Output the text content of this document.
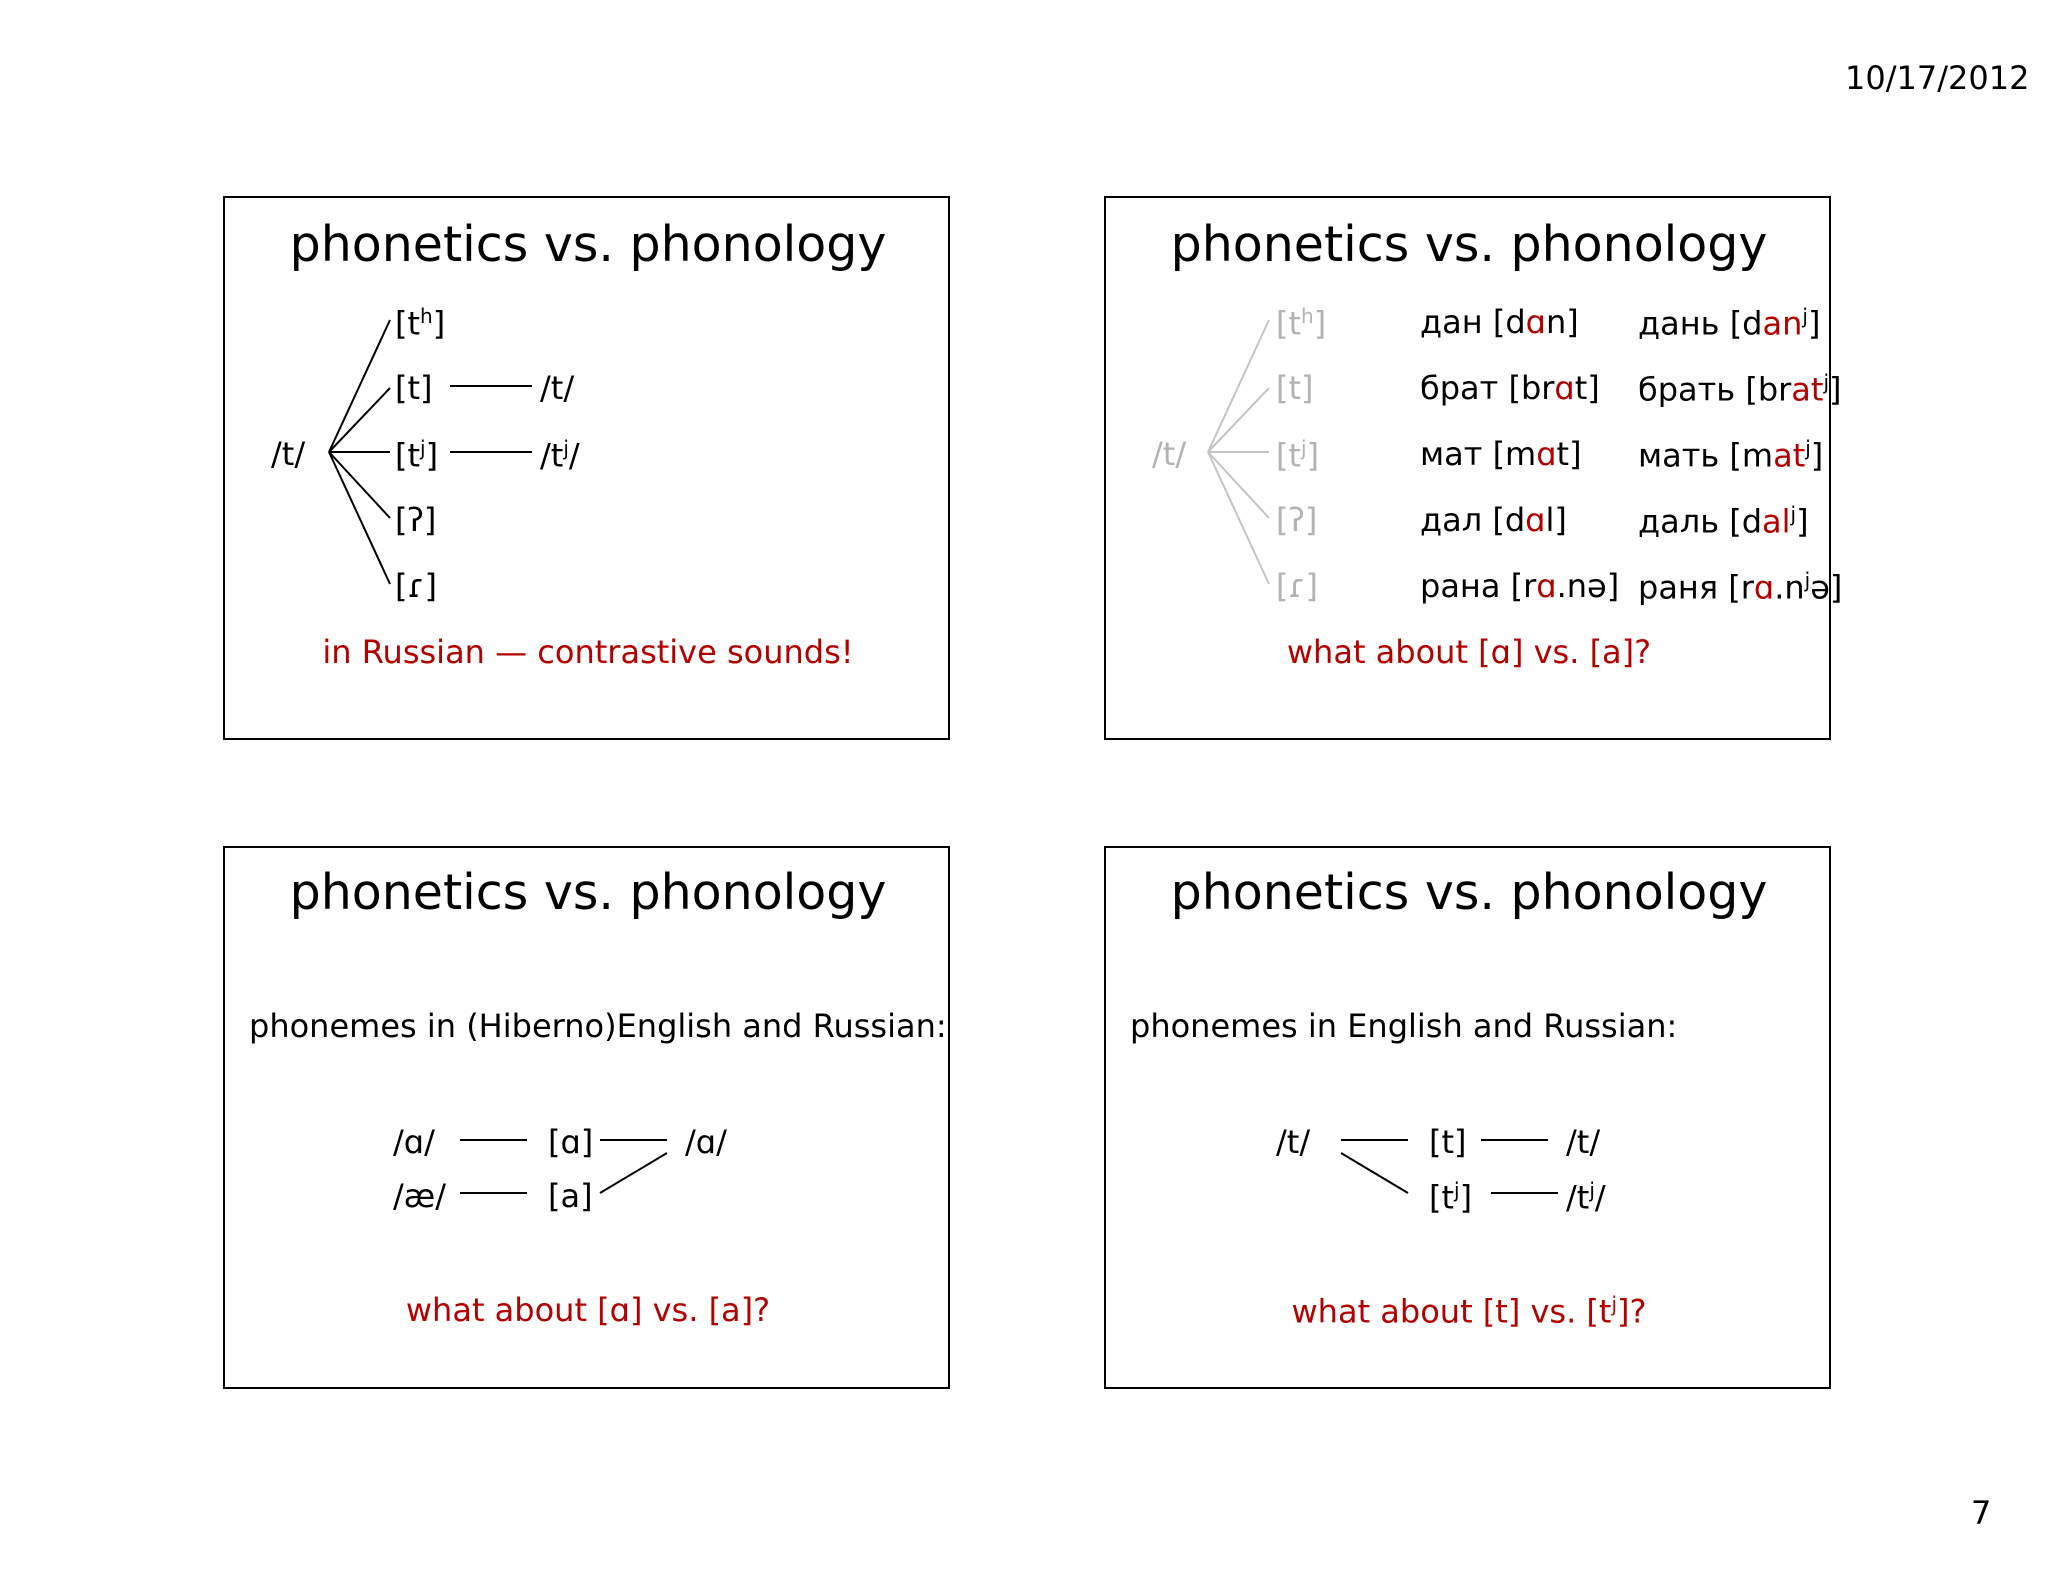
10/17/2012
7
phonetics vs. phonology
/t/
$[t^h]$
[t]
$[t^j]$
[ʔ]
[ɾ]
/t/
$/t^j/$
in Russian — contrastive sounds!
phonetics vs. phonology
/t/
$[t^h]$
[t]
$[t^j]$
[ʔ]
[ɾ]
дан [dɑn]
брат [brɑt]
мат [mɑt]
дал [dɑl]
рана [rɑ.nə]
дань [dan$^j$]
брать [brat$^j$]
мать [mat$^j$]
даль [dal$^j$]
раня $[rɑ.n^jə]$
what about [ɑ] vs. [a]?
phonetics vs. phonology
phonemes in (Hiberno)English and Russian:
/ɑ/
/æ/
[ɑ]
[a]
/ɑ/
what about [ɑ] vs. [a]?
phonetics vs. phonology
phonemes in English and Russian:
/t/	[t]
$[t^j]$
/t/
$/t^j/$
what about [t] vs. $[t^j]$?
